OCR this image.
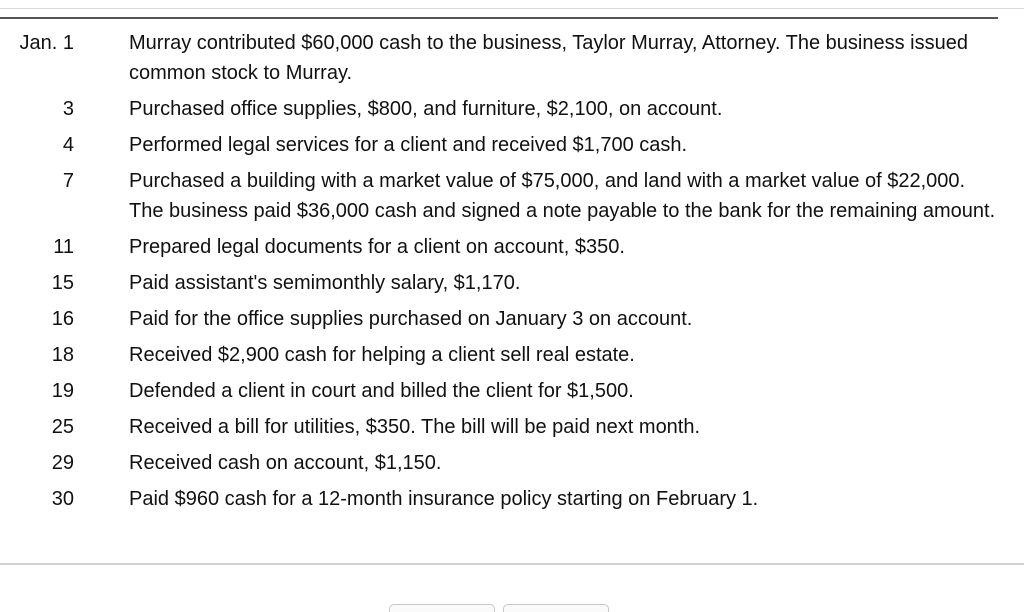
Jan. 1	Murray contributed $60,000 cash to the business, Taylor Murray, Attorney. The business issued common stock to Murray.
3	Purchased office supplies, $800, and furniture, $2,100, on account.
4	Performed legal services for a client and received $1,700 cash.
7	Purchased a building with a market value of $75,000, and land with a market value of $22,000. The business paid $36,000 cash and signed a note payable to the bank for the remaining amount.
11	Prepared legal documents for a client on account, $350.
15	Paid assistant's semimonthly salary, $1,170.
16	Paid for the office supplies purchased on January 3 on account.
18	Received $2,900 cash for helping a client sell real estate.
19	Defended a client in court and billed the client for $1,500.
25	Received a bill for utilities, $350. The bill will be paid next month.
29	Received cash on account, $1,150.
30	Paid $960 cash for a 12-month insurance policy starting on February 1.
